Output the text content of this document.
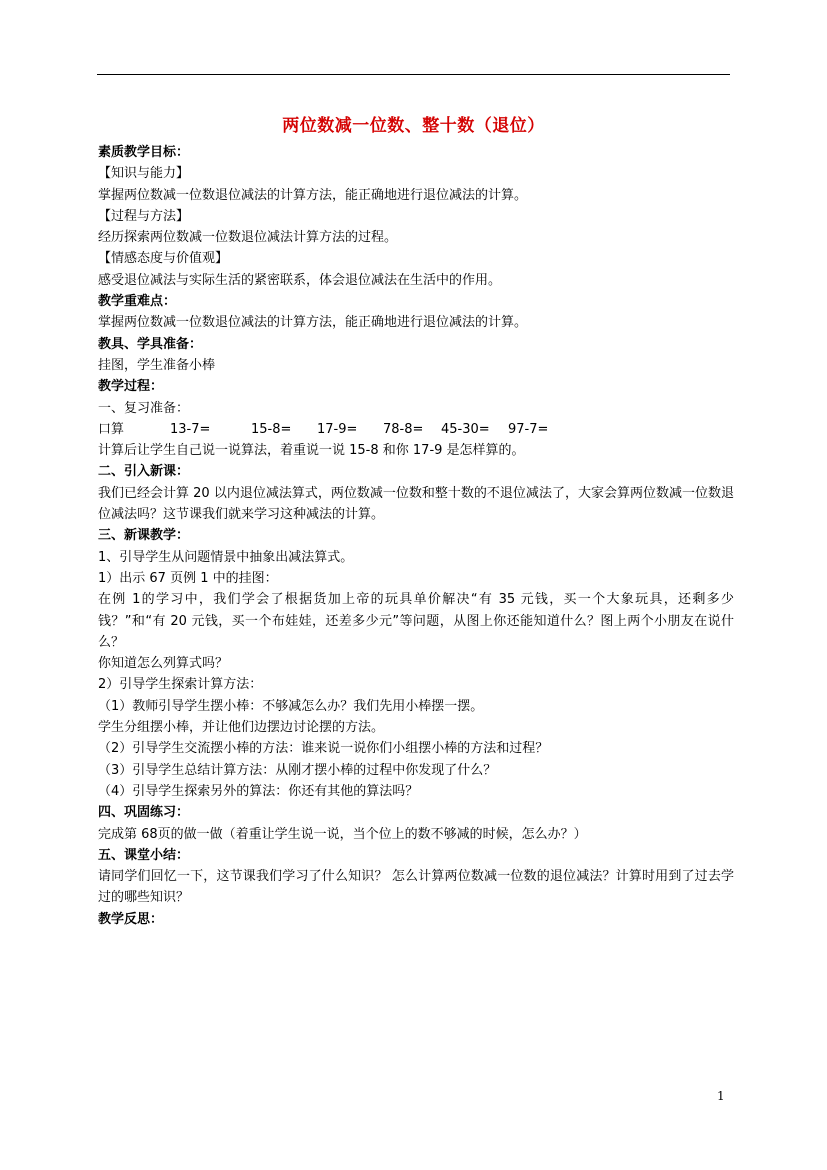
两位数减一位数、整十数（退位）

素质教学目标：

【知识与能力】

掌握两位数减一位数退位减法的计算方法，能正确地进行退位减法的计算。

【过程与方法】

经历探索两位数减一位数退位减法计算方法的过程。

【情感态度与价值观】

感受退位减法与实际生活的紧密联系，体会退位减法在生活中的作用。

教学重难点：

掌握两位数减一位数退位减法的计算方法，能正确地进行退位减法的计算。

教具、学具准备：

挂图，学生准备小棒

教学过程：

一、复习准备：

口算	13-7=	15-8=	17-9=	78-8=	45-30=	97-7=

计算后让学生自己说一说算法，着重说一说 15-8 和你 17-9 是怎样算的。

二、引入新课：

我们已经会计算 20 以内退位减法算式，两位数减一位数和整十数的不退位减法了，大家会算两位数减一位数退位减法吗？这节课我们就来学习这种减法的计算。

三、新课教学：

1、引导学生从问题情景中抽象出减法算式。

1）出示 67 页例 1 中的挂图：

在例 1的学习中，我们学会了根据货加上帝的玩具单价解决“有 35 元钱，买一个大象玩具，还剩多少钱？”和“有 20 元钱，买一个布娃娃，还差多少元”等问题，从图上你还能知道什么？图上两个小朋友在说什么？

你知道怎么列算式吗？

2）引导学生探索计算方法：

（1）教师引导学生摆小棒：不够减怎么办？我们先用小棒摆一摆。

学生分组摆小棒，并让他们边摆边讨论摆的方法。

（2）引导学生交流摆小棒的方法：谁来说一说你们小组摆小棒的方法和过程？

（3）引导学生总结计算方法：从刚才摆小棒的过程中你发现了什么？

（4）引导学生探索另外的算法：你还有其他的算法吗？

四、巩固练习：

完成第 68页的做一做（着重让学生说一说，当个位上的数不够减的时候，怎么办？）

五、课堂小结：

请同学们回忆一下，这节课我们学习了什么知识？ 怎么计算两位数减一位数的退位减法？计算时用到了过去学过的哪些知识？

教学反思：

1
